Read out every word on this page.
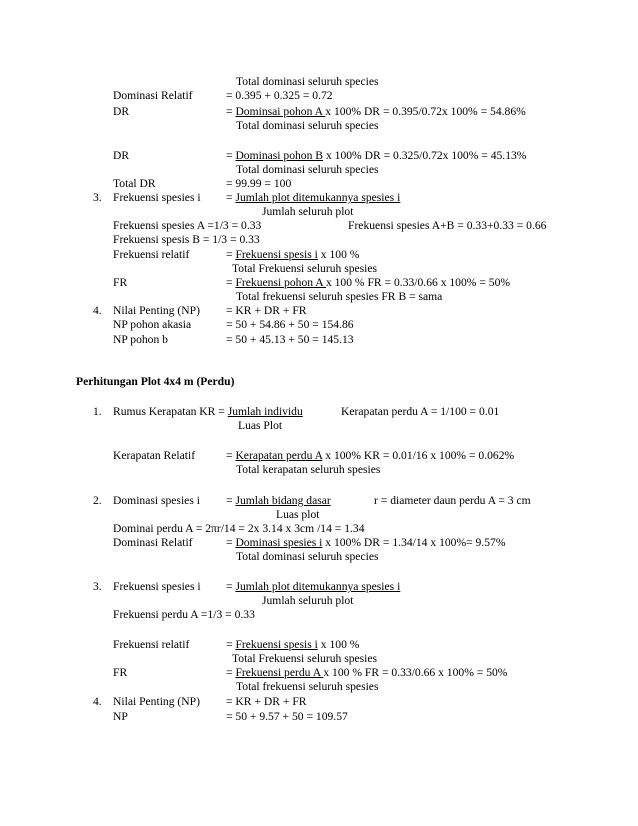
Total dominasi seluruh species
Dominasi Relatif	= 0.395 + 0.325 = 0.72
DR	= Dominsai pohon A x 100% DR = 0.395/0.72x 100% = 54.86%
Total dominasi seluruh species
DR	= Dominasi pohon B x 100% DR = 0.325/0.72x 100% = 45.13%
Total dominasi seluruh species
Total DR	= 99.99 = 100
3. Frekuensi spesies i = Jumlah plot ditemukannya spesies i
Jumlah seluruh plot
Frekuensi spesies A =1/3 = 0.33	Frekuensi spesies A+B = 0.33+0.33 = 0.66
Frekuensi spesis B = 1/3 = 0.33
Frekuensi relatif	= Frekuensi spesis i x 100 %
Total Frekuensi seluruh spesies
FR	= Frekuensi pohon A x 100 % FR = 0.33/0.66 x 100% = 50%
Total frekuensi seluruh spesies FR B = sama
4. Nilai Penting (NP) = KR + DR + FR
NP pohon akasia	= 50 + 54.86 + 50 = 154.86
NP pohon b	= 50 + 45.13 + 50 = 145.13
Perhitungan Plot 4x4 m (Perdu)
1. Rumus Kerapatan KR = Jumlah individu	Kerapatan perdu A = 1/100 = 0.01
Luas Plot
Kerapatan Relatif	= Kerapatan perdu A x 100% KR = 0.01/16 x 100% = 0.062%
Total kerapatan seluruh spesies
2. Dominasi spesies i = Jumlah bidang dasar	r = diameter daun perdu A = 3 cm
Luas plot
Dominai perdu A = 2πr/14 = 2x 3.14 x 3cm /14 = 1.34
Dominasi Relatif	= Dominasi spesies i x 100% DR = 1.34/14 x 100%= 9.57%
Total dominasi seluruh species
3. Frekuensi spesies i = Jumlah plot ditemukannya spesies i
Jumlah seluruh plot
Frekuensi perdu A =1/3 = 0.33
Frekuensi relatif	= Frekuensi spesis i x 100 %
Total Frekuensi seluruh spesies
FR	= Frekuensi perdu A x 100 % FR = 0.33/0.66 x 100% = 50%
Total frekuensi seluruh spesies
4. Nilai Penting (NP) = KR + DR + FR
NP	= 50 + 9.57 + 50 = 109.57
